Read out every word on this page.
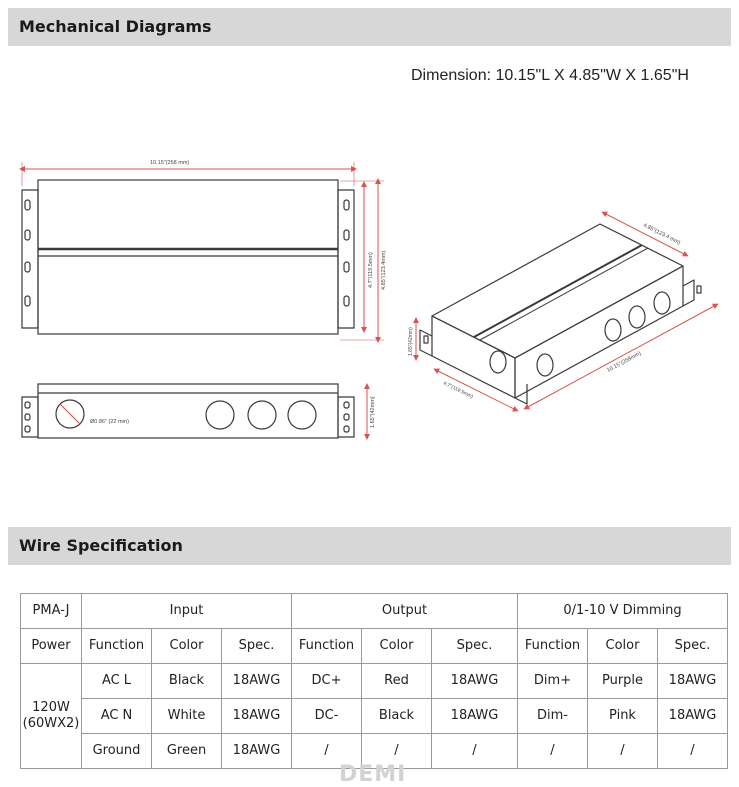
Mechanical Diagrams
Dimension: 10.15"L X 4.85"W X 1.65"H
10.15"(258 mm)
4.7"(119.5mm) 4.85"(123.4mm)
Ø0.86" (22 mm)	1.65"(42mm)
4.85"(123.4 mm)
10.15"(258mm)
1.65"(42mm)
4.7"(119.5mm)
Wire Specification
PMA-J	Input			Output			0/1-10 V Dimming		
Power	Function	Color	Spec.	Function	Color	Spec.	Function	Color	Spec.

120W
(60WX2)	AC L	Black	18AWG	DC+	Red	18AWG	Dim+	Purple	18AWG
	AC N	White	18AWG	DC-	Black	18AWG	Dim-	Pink	18AWG
	Ground	Green	18AWG	/	/	/	/	/	/
DEMI
